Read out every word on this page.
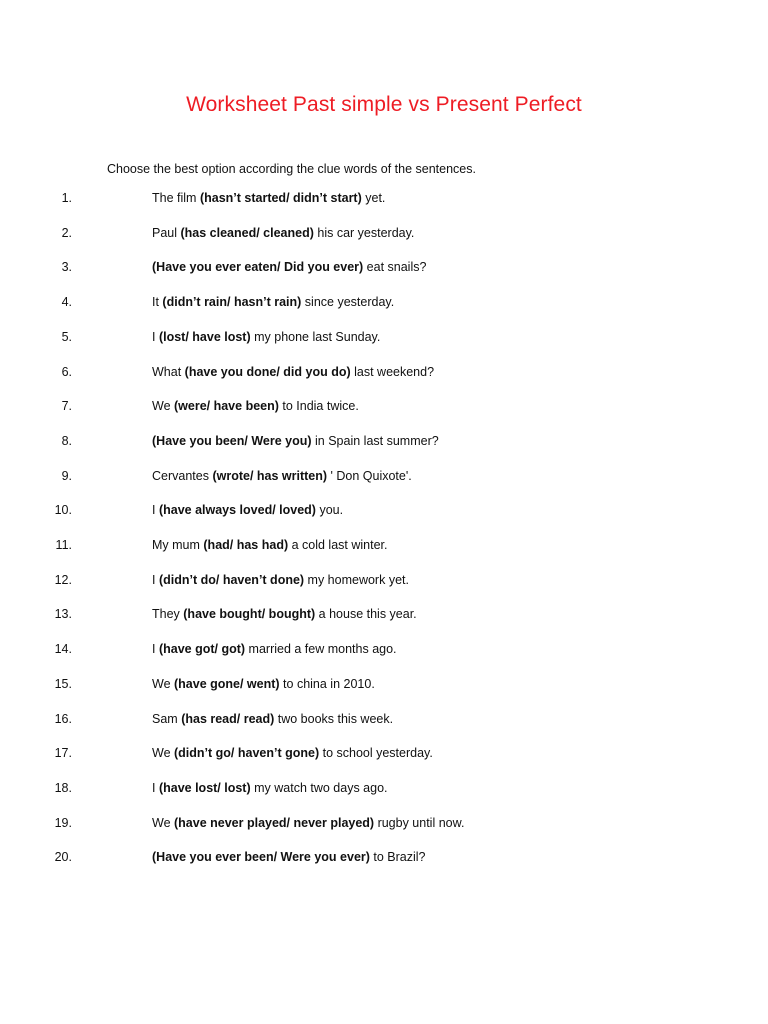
Worksheet Past simple vs Present Perfect

Choose the best option according the clue words of the sentences.

1.	The film (hasn’t started/ didn’t start) yet.
2.	Paul (has cleaned/ cleaned) his car yesterday.
3.	(Have you ever eaten/ Did you ever) eat snails?
4.	It (didn’t rain/ hasn’t rain) since yesterday.
5.	I (lost/ have lost) my phone last Sunday.
6.	What (have you done/ did you do) last weekend?
7.	We (were/ have been) to India twice.
8.	(Have you been/ Were you) in Spain last summer?
9.	Cervantes (wrote/ has written) ' Don Quixote'.
10.	I (have always loved/ loved) you.
11.	My mum (had/ has had) a cold last winter.
12.	I (didn’t do/ haven’t done) my homework yet.
13.	They (have bought/ bought) a house this year.
14.	I (have got/ got) married a few months ago.
15.	We (have gone/ went) to china in 2010.
16.	Sam (has read/ read) two books this week.
17.	We (didn’t go/ haven’t gone) to school yesterday.
18.	I (have lost/ lost) my watch two days ago.
19.	We (have never played/ never played) rugby until now.
20.	(Have you ever been/ Were you ever) to Brazil?
